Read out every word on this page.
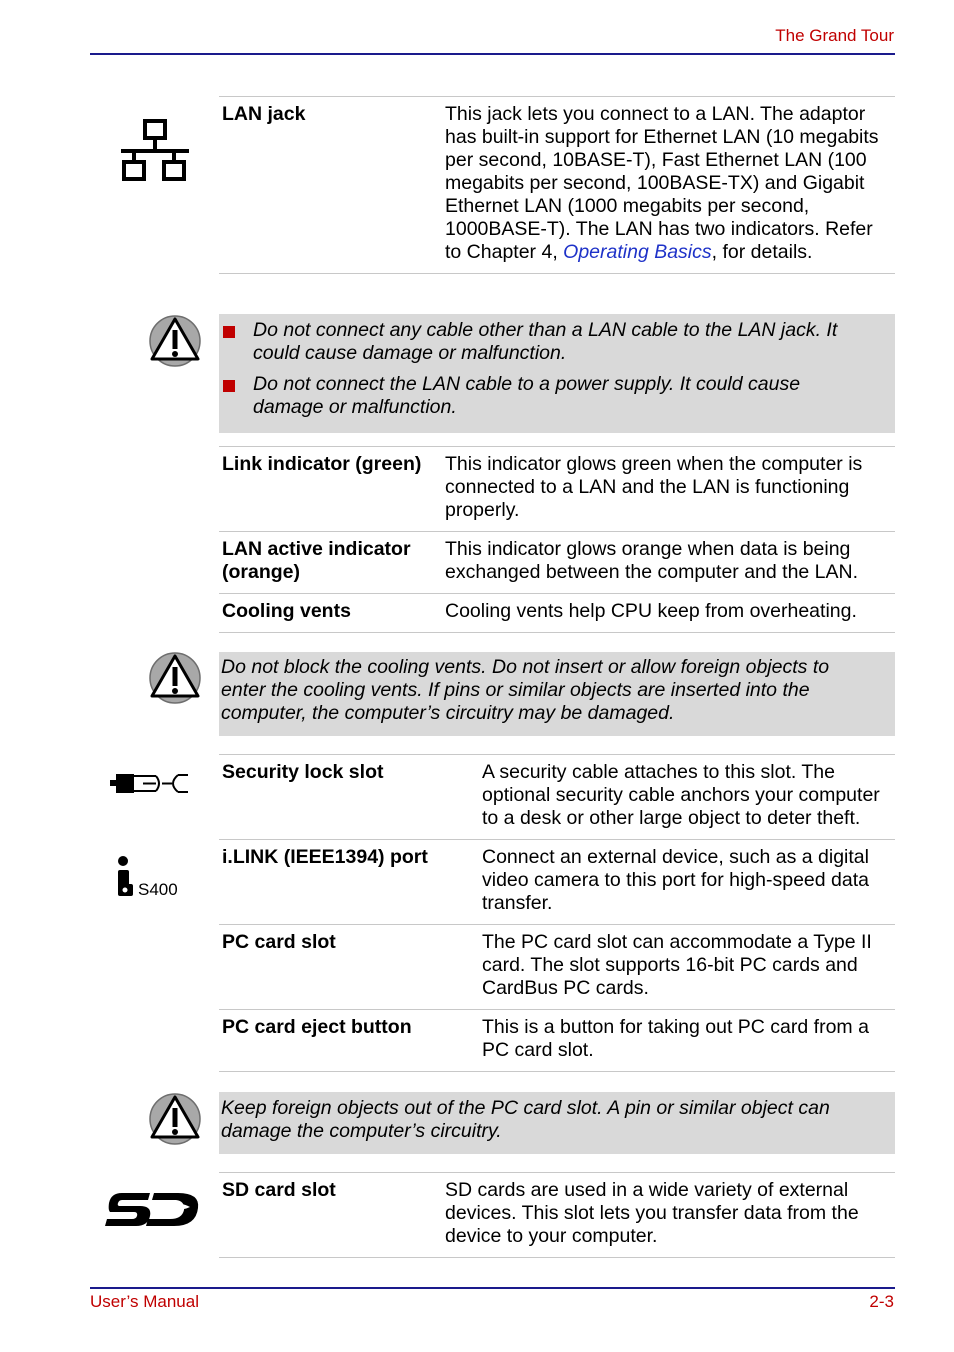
The Grand Tour
LAN jack	This jack lets you connect to a LAN. The adaptor has built-in support for Ethernet LAN (10 megabits per second, 10BASE-T), Fast Ethernet LAN (100 megabits per second, 100BASE-TX) and Gigabit Ethernet LAN (1000 megabits per second, 1000BASE-T). The LAN has two indicators. Refer to Chapter 4, Operating Basics, for details.
Do not connect any cable other than a LAN cable to the LAN jack. It could cause damage or malfunction.
Do not connect the LAN cable to a power supply. It could cause damage or malfunction.
Link indicator (green)	This indicator glows green when the computer is connected to a LAN and the LAN is functioning properly.
LAN active indicator (orange)	This indicator glows orange when data is being exchanged between the computer and the LAN.
Cooling vents	Cooling vents help CPU keep from overheating.
Do not block the cooling vents. Do not insert or allow foreign objects to enter the cooling vents. If pins or similar objects are inserted into the computer, the computer’s circuitry may be damaged.
S400
Security lock slot	A security cable attaches to this slot. The optional security cable anchors your computer to a desk or other large object to deter theft.
i.LINK (IEEE1394) port	Connect an external device, such as a digital video camera to this port for high-speed data transfer.
PC card slot	The PC card slot can accommodate a Type II card. The slot supports 16-bit PC cards and CardBus PC cards.
PC card eject button	This is a button for taking out PC card from a PC card slot.
Keep foreign objects out of the PC card slot. A pin or similar object can damage the computer’s circuitry.
SD card slot	SD cards are used in a wide variety of external devices. This slot lets you transfer data from the device to your computer.
User’s Manual	2-3
